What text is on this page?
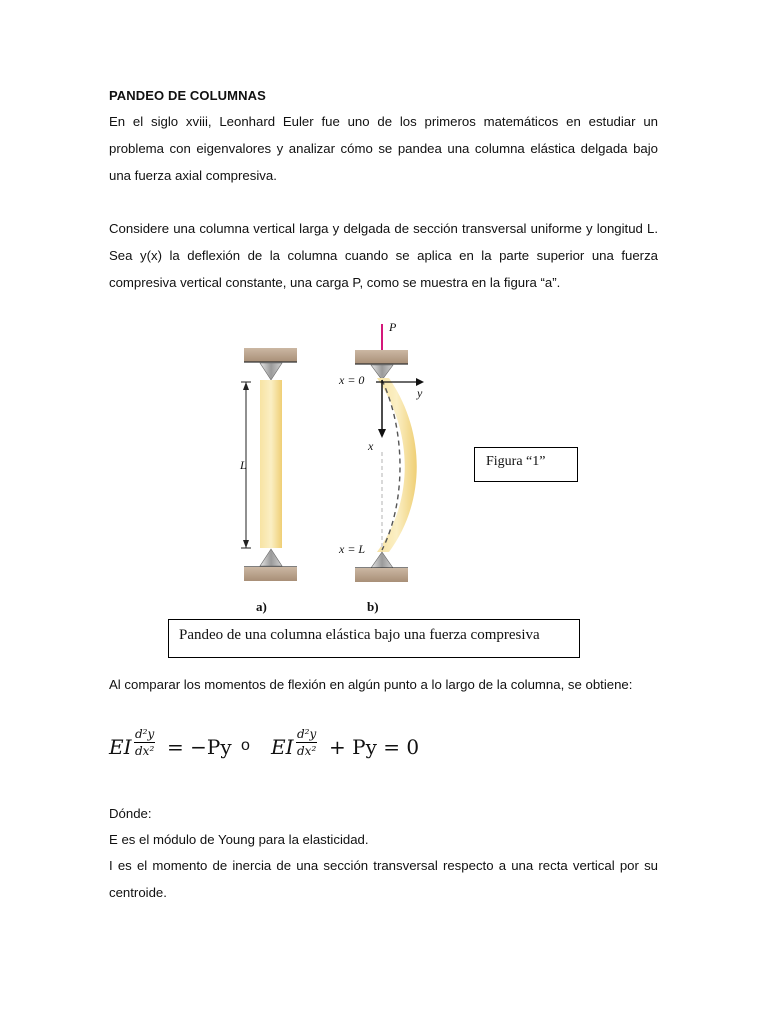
PANDEO DE COLUMNAS
En el siglo xviii, Leonhard Euler fue uno de los primeros matemáticos en estudiar un problema con eigenvalores y analizar cómo se pandea una columna elástica delgada bajo una fuerza axial compresiva.
Considere una columna vertical larga y delgada de sección transversal uniforme y longitud L. Sea y(x) la deflexión de la columna cuando se aplica en la parte superior una fuerza compresiva vertical constante, una carga P, como se muestra en la figura “a”.
P
x = 0
y
x
x = L
L
a)	b)
Figura “1”
Pandeo de una columna elástica bajo una fuerza compresiva
Al comparar los momentos de flexión en algún punto a lo largo de la columna, se obtiene:
EI $\frac{\text{d²y}}{\text{dx²}} = -Py$ o EI $\frac{\text{d²y}}{\text{dx²}} + Py = 0$
Dónde:
E es el módulo de Young para la elasticidad.
I es el momento de inercia de una sección transversal respecto a una recta vertical por su centroide.
